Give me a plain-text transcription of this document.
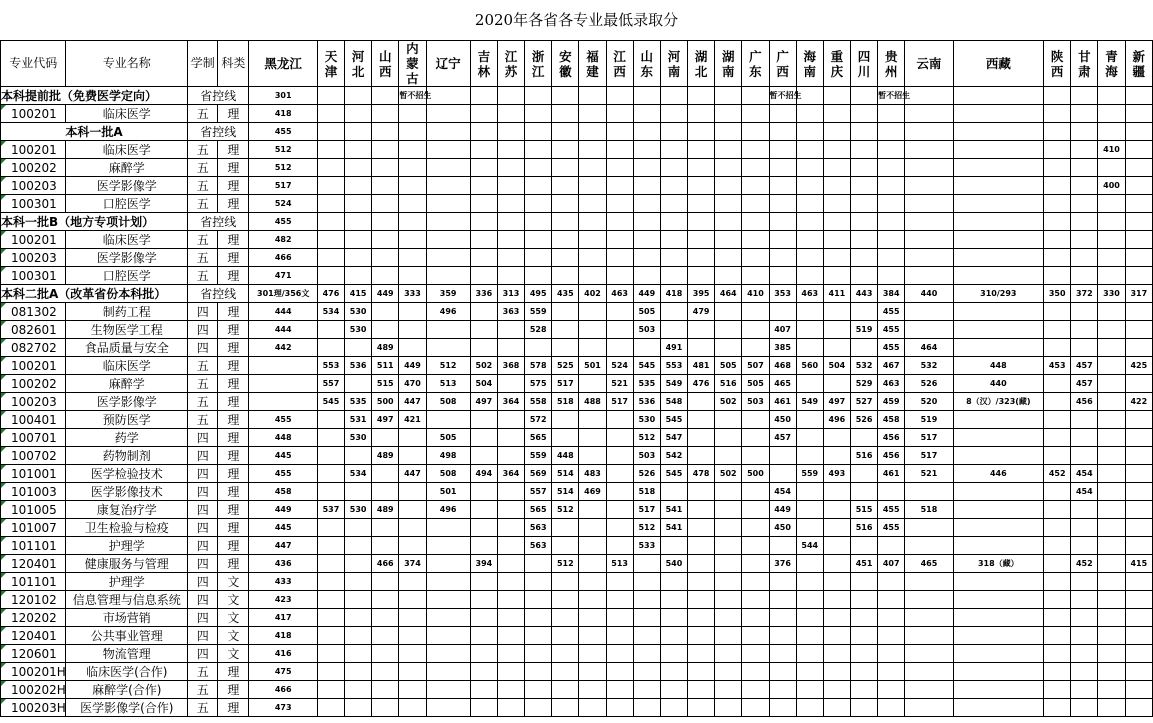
2020年各省各专业最低录取分
专业代码	专业名称	学制	科类	黑龙江	天津	河北	山西	内蒙古	辽宁	吉林	江苏	浙江	安徽	福建	江西	山东	河南	湖北	湖南	广东	广西	海南	重庆	四川	贵州	云南	西藏	陕西	甘肃	青海	新疆
本科提前批（免费医学定向）		省控线		301				暂不招生													暂不招生				暂不招生						
100201	临床医学	五	理	418																											
本科一批A		省控线		455																											
100201	临床医学	五	理	512																										410	
100202	麻醉学	五	理	512																											
100203	医学影像学	五	理	517																										400	
100301	口腔医学	五	理	524																											
本科一批B（地方专项计划）		省控线		455																											
100201	临床医学	五	理	482																											
100203	医学影像学	五	理	466																											
100301	口腔医学	五	理	471																											
本科二批A（改革省份本科批）		省控线		301理/356文	476	415	449	333	359	336	313	495	435	402	463	449	418	395	464	410	353	463	411	443	384	440	310/293	350	372	330	317
081302	制药工程	四	理	444	534	530			496		363	559				505		479							455						
082601	生物医学工程	四	理	444		530						528				503					407			519	455						
082702	食品质量与安全	四	理	442			489										491				385				455	464					
100201	临床医学	五	理		553	536	511	449	512	502	368	578	525	501	524	545	553	481	505	507	468	560	504	532	467	532	448	453	457		425
100202	麻醉学	五	理		557		515	470	513	504		575	517		521	535	549	476	516	505	465			529	463	526	440		457		
100203	医学影像学	五	理		545	535	500	447	508	497	364	558	518	488	517	536	548		502	503	461	549	497	527	459	520	8（汉）/323(藏)		456		422
100401	预防医学	五	理	455		531	497	421				572				530	545				450		496	526	458	519					
100701	药学	四	理	448		530			505			565				512	547				457				456	517					
100702	药物制剂	四	理	445			489		498			559	448			503	542							516	456	517					
101001	医学检验技术	四	理	455		534		447	508	494	364	569	514	483		526	545	478	502	500		559	493		461	521	446	452	454		
101003	医学影像技术	四	理	458					501			557	514	469		518					454								454		
101005	康复治疗学	四	理	449	537	530	489		496			565	512			517	541				449			515	455	518					
101007	卫生检验与检疫	四	理	445								563				512	541				450			516	455						
101101	护理学	四	理	447								563				533						544									
120401	健康服务与管理	四	理	436			466	374		394			512		513		540				376			451	407	465	318（藏）		452		415
101101	护理学	四	文	433																											
120102	信息管理与信息系统	四	文	423																											
120202	市场营销	四	文	417																											
120401	公共事业管理	四	文	418																											
120601	物流管理	四	文	416																											
100201H	临床医学(合作)	五	理	475																											
100202H	麻醉学(合作)	五	理	466																											
100203H	医学影像学(合作)	五	理	473																											
